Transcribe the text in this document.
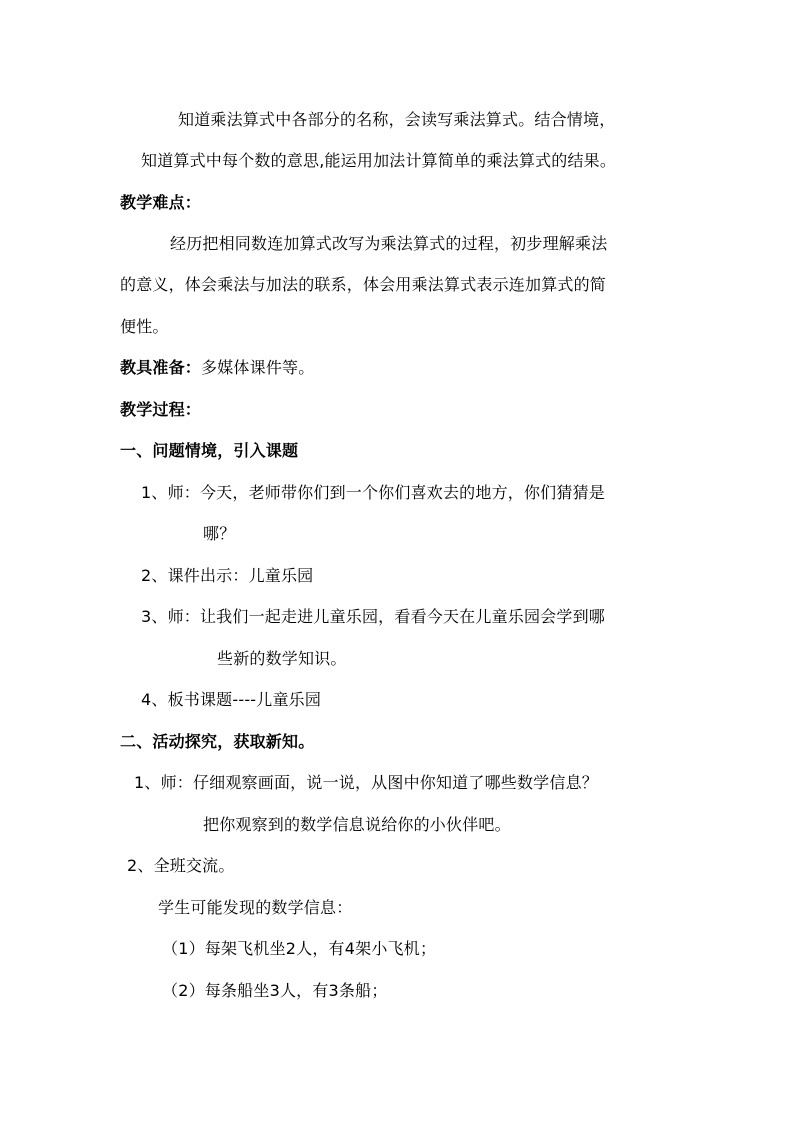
知道乘法算式中各部分的名称，会读写乘法算式。结合情境，
知道算式中每个数的意思,能运用加法计算简单的乘法算式的结果。
教学难点：
经历把相同数连加算式改写为乘法算式的过程，初步理解乘法
的意义，体会乘法与加法的联系，体会用乘法算式表示连加算式的简
便性。
教具准备：多媒体课件等。
教学过程：
一、问题情境，引入课题
1、师：今天，老师带你们到一个你们喜欢去的地方，你们猜猜是
哪？
2、课件出示：儿童乐园
3、师：让我们一起走进儿童乐园，看看今天在儿童乐园会学到哪
些新的数学知识。
4、板书课题----儿童乐园
二、活动探究，获取新知。
1、师：仔细观察画面，说一说，从图中你知道了哪些数学信息？
把你观察到的数学信息说给你的小伙伴吧。
2、全班交流。
学生可能发现的数学信息：
（1）每架飞机坐2人，有4架小飞机；
（2）每条船坐3人，有3条船；
